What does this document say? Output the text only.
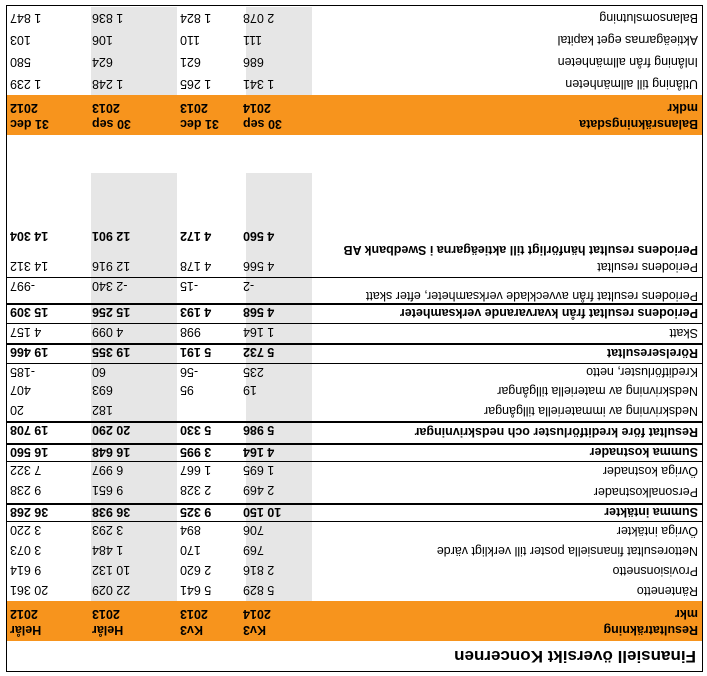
Finansiell översikt Koncernen
Resultaträkning
mkr
Kv3
2014
Kv3
2013
Helår
2013
Helår
2012
Räntenetto
5 829
5 641
22 029
20 361
Provisionsnetto
2 816
2 620
10 132
9 614
Nettoresultat finansiella poster till verkligt värde
769
170
1 484
3 073
Övriga intäkter
706
894
3 293
3 220
Summa intäkter
10 150
9 325
36 938
36 268
Personalkostnader
2 469
2 328
9 651
9 238
Övriga kostnader
1 695
1 667
6 997
7 322
Summa kostnader
4 164
3 995
16 648
16 560
Resultat före kreditförluster och nedskrivningar
5 986
5 330
20 290
19 708
Nedskrivning av immateriella tillgångar
182
20
Nedskrivning av materiella tillgångar
19
95
693
407
Kreditförluster, netto
235
-56
60
-185
Rörelseresultat
5 732
5 191
19 355
19 466
Skatt
1 164
998
4 099
4 157
Periodens resultat från kvarvarande verksamheter
4 568
4 193
15 256
15 309
Periodens resultat från avvecklade verksamheter, efter skatt
-2
-15
-2 340
-997
Periodens resultat
4 566
4 178
12 916
14 312
Periodens resultat hänförligt till aktieägarna i Swedbank AB
4 560
4 172
12 901
14 304
Balansräkningsdata
mdkr
30 sep
2014
31 dec
2013
30 sep
2013
31 dec
2012
Utlåning till allmänheten
1 341
1 265
1 248
1 239
Inlåning från allmänheten
686
621
624
580
Aktieägarnas eget kapital
111
110
106
103
Balansomslutning
2 078
1 824
1 836
1 847
